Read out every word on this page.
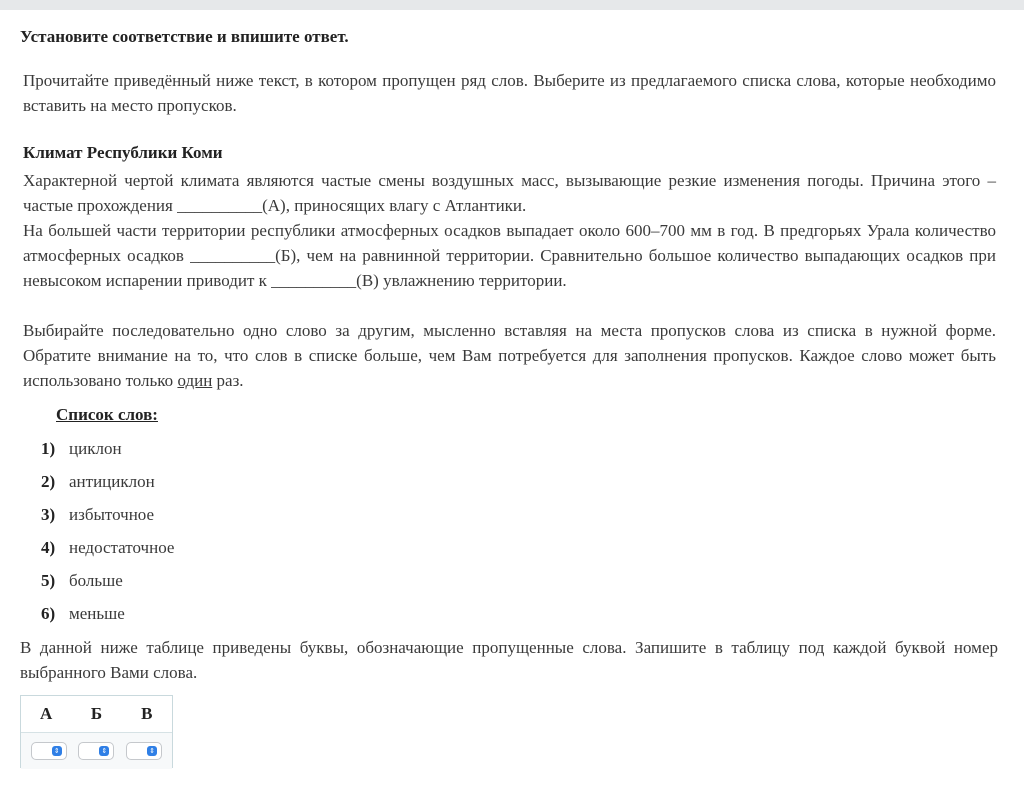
Установите соответствие и впишите ответ.
Прочитайте приведённый ниже текст, в котором пропущен ряд слов. Выберите из предлагаемого списка слова, которые необходимо вставить на место пропусков.
Климат Республики Коми
Характерной чертой климата являются частые смены воздушных масс, вызывающие резкие изменения погоды. Причина этого – частые прохождения __________(А), приносящих влагу с Атлантики.
На большей части территории республики атмосферных осадков выпадает около 600–700 мм в год. В предгорьях Урала количество атмосферных осадков __________(Б), чем на равнинной территории. Сравнительно большое количество выпадающих осадков при невысоком испарении приводит к __________(В) увлажнению территории.
Выбирайте последовательно одно слово за другим, мысленно вставляя на места пропусков слова из списка в нужной форме. Обратите внимание на то, что слов в списке больше, чем Вам потребуется для заполнения пропусков. Каждое слово может быть использовано только один раз.
Список слов:
1) циклон
2) антициклон
3) избыточное
4) недостаточное
5) больше
6) меньше
В данной ниже таблице приведены буквы, обозначающие пропущенные слова. Запишите в таблицу под каждой буквой номер выбранного Вами слова.
А	Б	В
⇕	⇕	⇕
